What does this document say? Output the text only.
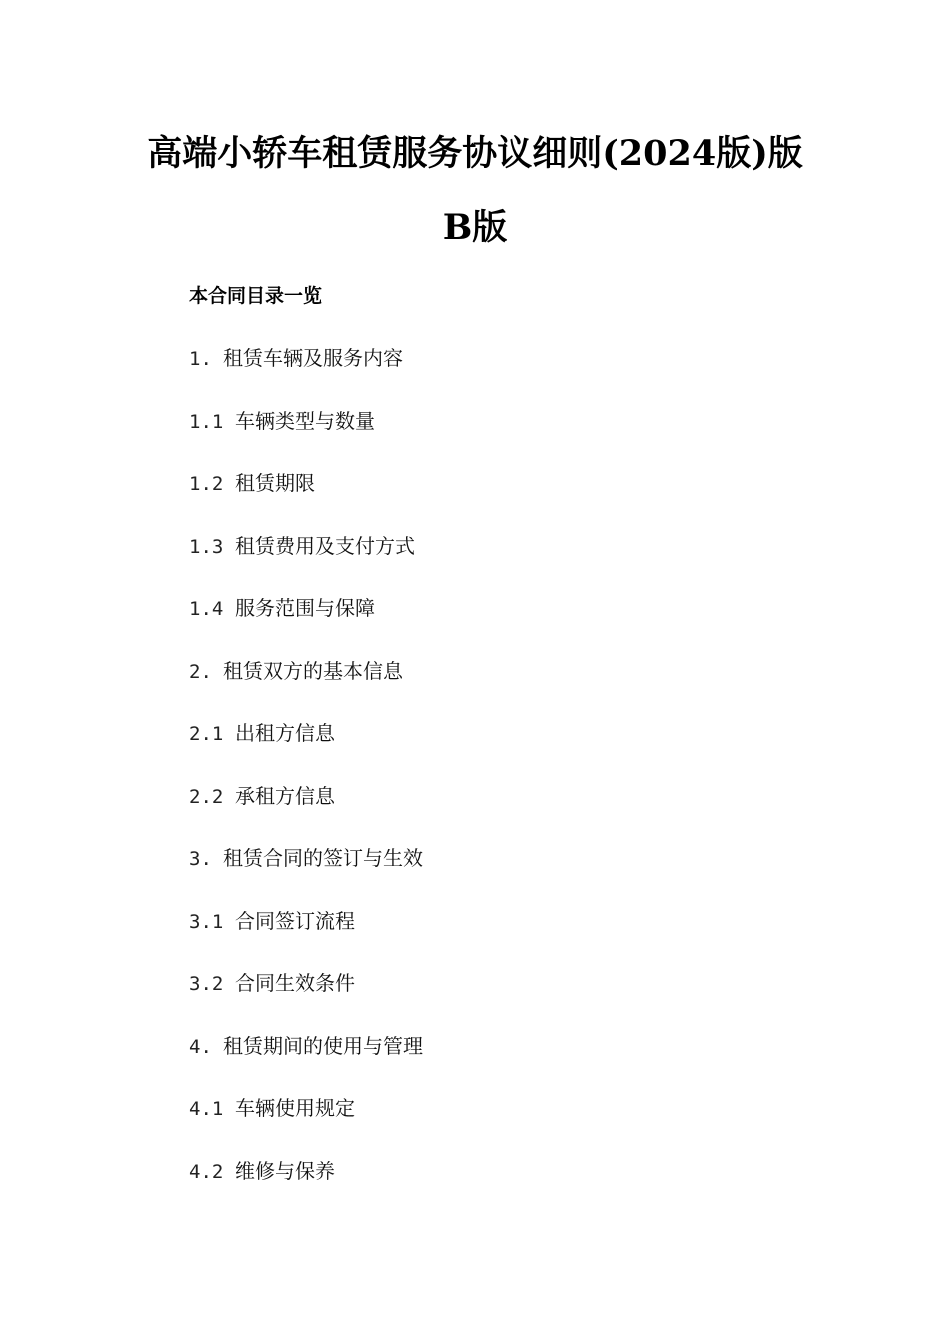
高端小轿车租赁服务协议细则(2024版)版
B版
本合同目录一览
1. 租赁车辆及服务内容
1.1 车辆类型与数量
1.2 租赁期限
1.3 租赁费用及支付方式
1.4 服务范围与保障
2. 租赁双方的基本信息
2.1 出租方信息
2.2 承租方信息
3. 租赁合同的签订与生效
3.1 合同签订流程
3.2 合同生效条件
4. 租赁期间的使用与管理
4.1 车辆使用规定
4.2 维修与保养
